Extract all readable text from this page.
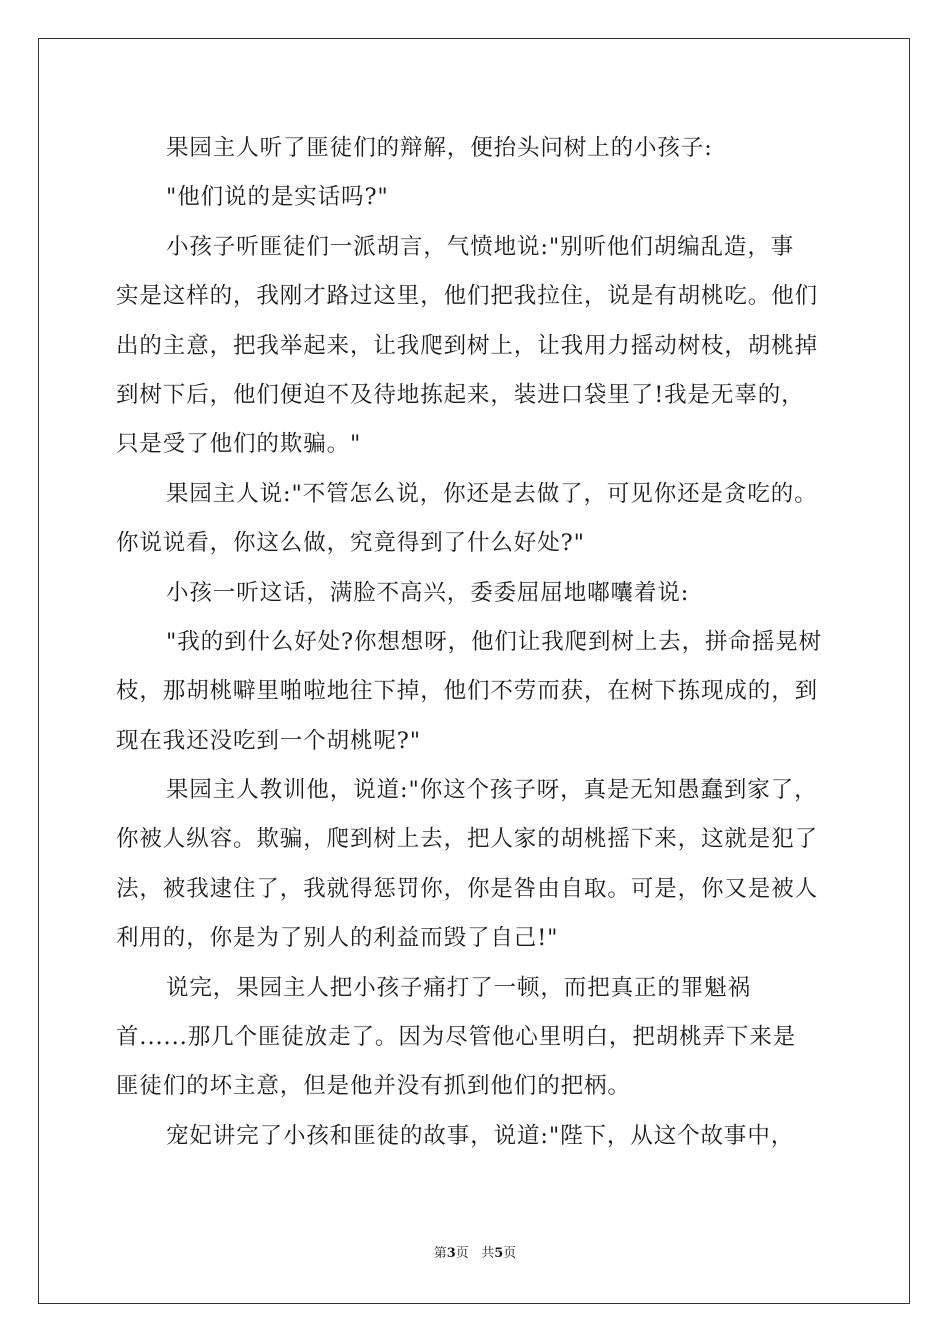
果园主人听了匪徒们的辩解，便抬头问树上的小孩子:
"他们说的是实话吗?"
小孩子听匪徒们一派胡言，气愤地说:"别听他们胡编乱造，事
实是这样的，我刚才路过这里，他们把我拉住，说是有胡桃吃。他们
出的主意，把我举起来，让我爬到树上，让我用力摇动树枝，胡桃掉
到树下后，他们便迫不及待地拣起来，装进口袋里了!我是无辜的，
只是受了他们的欺骗。"
果园主人说:"不管怎么说，你还是去做了，可见你还是贪吃的。
你说说看，你这么做，究竟得到了什么好处?"
小孩一听这话，满脸不高兴，委委屈屈地嘟囔着说:
"我的到什么好处?你想想呀，他们让我爬到树上去，拼命摇晃树
枝，那胡桃噼里啪啦地往下掉，他们不劳而获，在树下拣现成的，到
现在我还没吃到一个胡桃呢?"
果园主人教训他，说道:"你这个孩子呀，真是无知愚蠢到家了，
你被人纵容。欺骗，爬到树上去，把人家的胡桃摇下来，这就是犯了
法，被我逮住了，我就得惩罚你，你是咎由自取。可是，你又是被人
利用的，你是为了别人的利益而毁了自己!"
说完，果园主人把小孩子痛打了一顿，而把真正的罪魁祸
首......那几个匪徒放走了。因为尽管他心里明白，把胡桃弄下来是
匪徒们的坏主意，但是他并没有抓到他们的把柄。
宠妃讲完了小孩和匪徒的故事，说道:"陛下，从这个故事中，
第3页 共5页
